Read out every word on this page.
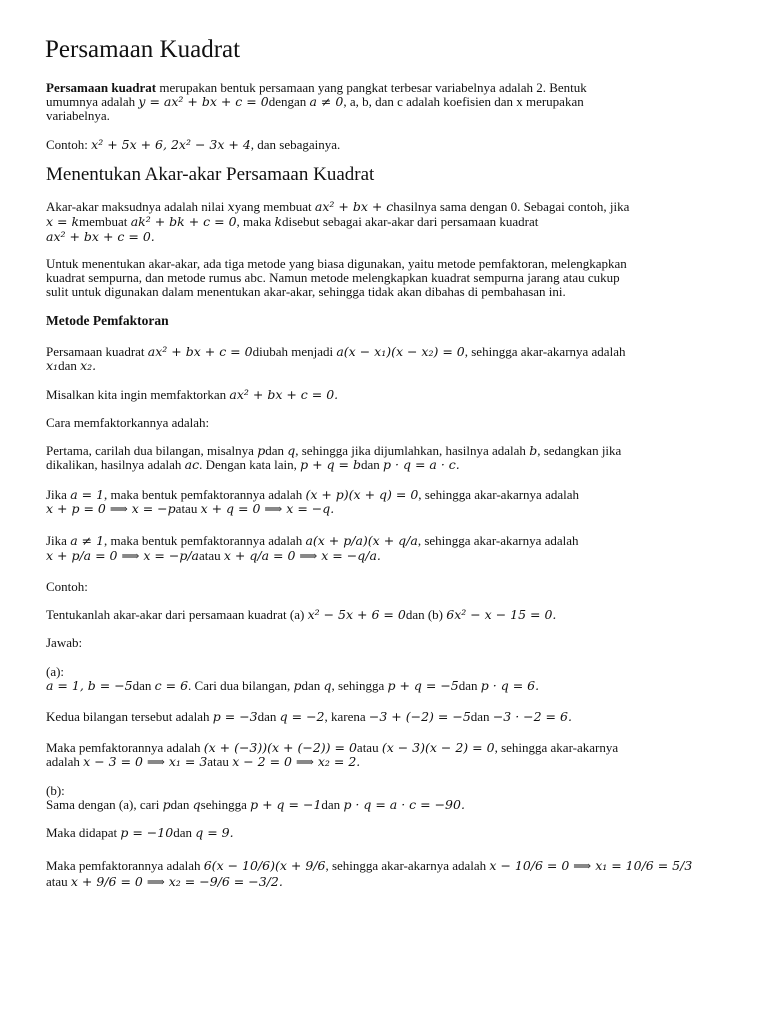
Persamaan Kuadrat
Persamaan kuadrat merupakan bentuk persamaan yang pangkat terbesar variabelnya adalah 2. Bentuk
umumnya adalah y = ax² + bx + c = 0dengan a ≠ 0, a, b, dan c adalah koefisien dan x merupakan
variabelnya.
Contoh: x² + 5x + 6, 2x² − 3x + 4, dan sebagainya.
Menentukan Akar-akar Persamaan Kuadrat
Akar-akar maksudnya adalah nilai xyang membuat ax² + bx + chasilnya sama dengan 0. Sebagai contoh, jika
x = kmembuat ak² + bk + c = 0, maka kdisebut sebagai akar-akar dari persamaan kuadrat
ax² + bx + c = 0.
Untuk menentukan akar-akar, ada tiga metode yang biasa digunakan, yaitu metode pemfaktoran, melengkapkan
kuadrat sempurna, dan metode rumus abc. Namun metode melengkapkan kuadrat sempurna jarang atau cukup
sulit untuk digunakan dalam menentukan akar-akar, sehingga tidak akan dibahas di pembahasan ini.
Metode Pemfaktoran
Persamaan kuadrat ax² + bx + c = 0diubah menjadi a(x − x₁)(x − x₂) = 0, sehingga akar-akarnya adalah
x₁dan x₂.
Misalkan kita ingin memfaktorkan ax² + bx + c = 0.
Cara memfaktorkannya adalah:
Pertama, carilah dua bilangan, misalnya pdan q, sehingga jika dijumlahkan, hasilnya adalah b, sedangkan jika
dikalikan, hasilnya adalah ac. Dengan kata lain, p + q = bdan p · q = a · c.
Jika a = 1, maka bentuk pemfaktorannya adalah (x + p)(x + q) = 0, sehingga akar-akarnya adalah
x + p = 0 ⟹ x = −patau x + q = 0 ⟹ x = −q.
Jika a ≠ 1, maka bentuk pemfaktorannya adalah a(x + p/a)(x + q/a, sehingga akar-akarnya adalah
x + p/a = 0 ⟹ x = −p/aatau x + q/a = 0 ⟹ x = −q/a.
Contoh:
Tentukanlah akar-akar dari persamaan kuadrat (a) x² − 5x + 6 = 0dan (b) 6x² − x − 15 = 0.
Jawab:
(a):
a = 1, b = −5dan c = 6. Cari dua bilangan, pdan q, sehingga p + q = −5dan p · q = 6.
Kedua bilangan tersebut adalah p = −3dan q = −2, karena −3 + (−2) = −5dan −3 · −2 = 6.
Maka pemfaktorannya adalah (x + (−3))(x + (−2)) = 0atau (x − 3)(x − 2) = 0, sehingga akar-akarnya
adalah x − 3 = 0 ⟹ x₁ = 3atau x − 2 = 0 ⟹ x₂ = 2.
(b):
Sama dengan (a), cari pdan qsehingga p + q = −1dan p · q = a · c = −90.
Maka didapat p = −10dan q = 9.
Maka pemfaktorannya adalah 6(x − 10/6)(x + 9/6, sehingga akar-akarnya adalah x − 10/6 = 0 ⟹ x₁ = 10/6 = 5/3
atau x + 9/6 = 0 ⟹ x₂ = −9/6 = −3/2.
